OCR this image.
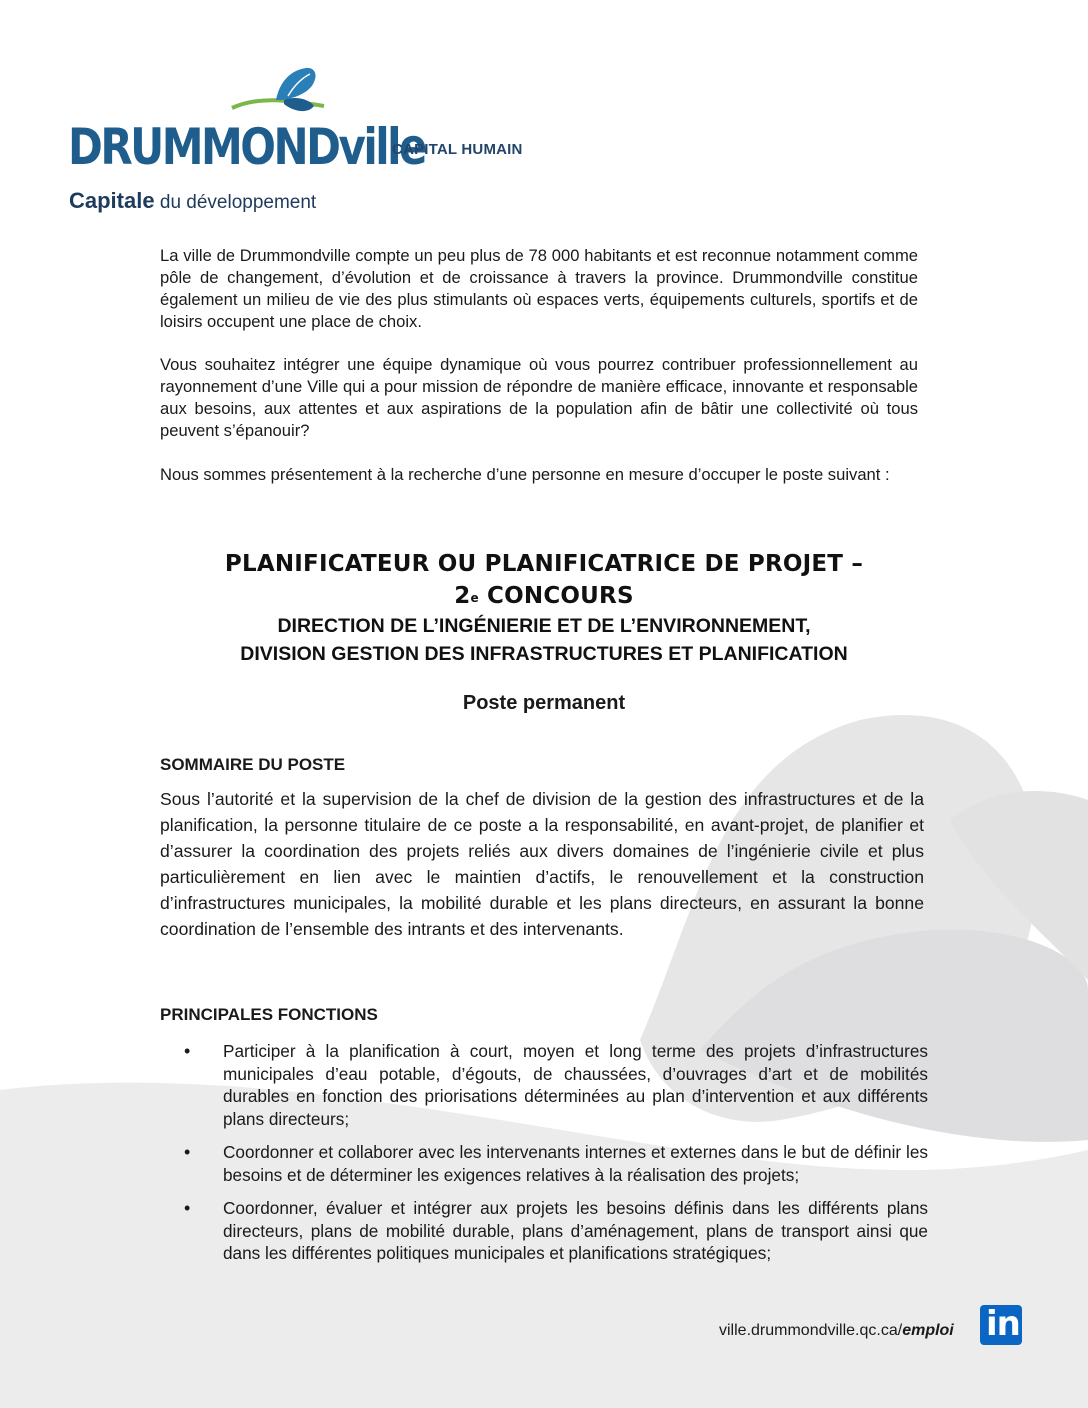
DRUMMONDville
Capitale du développement
CAPITAL HUMAIN

La ville de Drummondville compte un peu plus de 78 000 habitants et est reconnue notamment comme pôle de changement, d’évolution et de croissance à travers la province. Drummondville constitue également un milieu de vie des plus stimulants où espaces verts, équipements culturels, sportifs et de loisirs occupent une place de choix.

Vous souhaitez intégrer une équipe dynamique où vous pourrez contribuer professionnellement au rayonnement d’une Ville qui a pour mission de répondre de manière efficace, innovante et responsable aux besoins, aux attentes et aux aspirations de la population afin de bâtir une collectivité où tous peuvent s’épanouir?

Nous sommes présentement à la recherche d’une personne en mesure d’occuper le poste suivant :

PLANIFICATEUR OU PLANIFICATRICE DE PROJET –
2e CONCOURS
DIRECTION DE L’INGÉNIERIE ET DE L’ENVIRONNEMENT,
DIVISION GESTION DES INFRASTRUCTURES ET PLANIFICATION
Poste permanent
SOMMAIRE DU POSTE

Sous l’autorité et la supervision de la chef de division de la gestion des infrastructures et de la planification, la personne titulaire de ce poste a la responsabilité, en avant-projet, de planifier et d’assurer la coordination des projets reliés aux divers domaines de l’ingénierie civile et plus particulièrement en lien avec le maintien d’actifs, le renouvellement et la construction d’infrastructures municipales, la mobilité durable et les plans directeurs, en assurant la bonne coordination de l’ensemble des intrants et des intervenants.

PRINCIPALES FONCTIONS
• Participer à la planification à court, moyen et long terme des projets d’infrastructures municipales d’eau potable, d’égouts, de chaussées, d’ouvrages d’art et de mobilités durables en fonction des priorisations déterminées au plan d’intervention et aux différents plans directeurs;
• Coordonner et collaborer avec les intervenants internes et externes dans le but de définir les besoins et de déterminer les exigences relatives à la réalisation des projets;
• Coordonner, évaluer et intégrer aux projets les besoins définis dans les différents plans directeurs, plans de mobilité durable, plans d’aménagement, plans de transport ainsi que dans les différentes politiques municipales et planifications stratégiques;
ville.drummondville.qc.ca/emploi in
